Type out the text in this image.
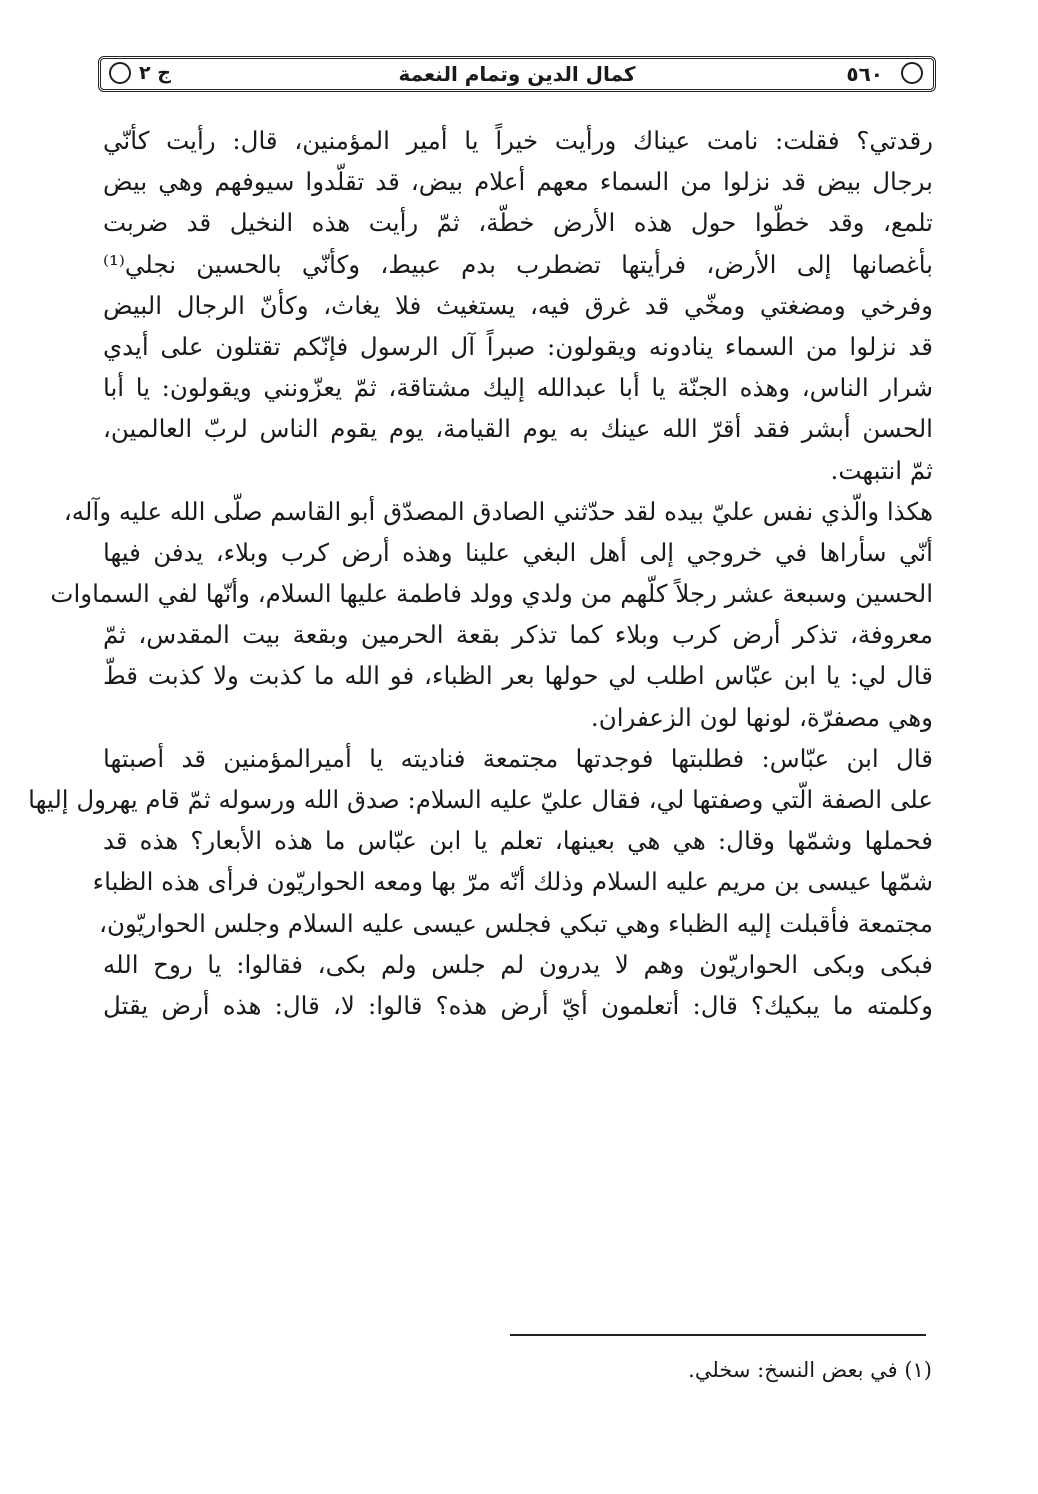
٥٦٠
كمال الدين وتمام النعمة
ج ٢
رقدتي؟ فقلت: نامت عيناك ورأيت خيراً يا أمير المؤمنين، قال: رأيت كأنّي
برجال بيض قد نزلوا من السماء معهم أعلام بيض، قد تقلّدوا سيوفهم وهي بيض
تلمع، وقد خطّوا حول هذه الأرض خطّة، ثمّ رأيت هذه النخيل قد ضربت
بأغصانها إلى الأرض، فرأيتها تضطرب بدم عبيط، وكأنّي بالحسين نجلي⁽¹⁾
وفرخي ومضغتي ومخّي قد غرق فيه، يستغيث فلا يغاث، وكأنّ الرجال البيض
قد نزلوا من السماء ينادونه ويقولون: صبراً آل الرسول فإنّكم تقتلون على أيدي
شرار الناس، وهذه الجنّة يا أبا عبدالله إليك مشتاقة، ثمّ يعزّونني ويقولون: يا أبا
الحسن أبشر فقد أقرّ الله عينك به يوم القيامة، يوم يقوم الناس لربّ العالمين،
ثمّ انتبهت.
هكذا والّذي نفس عليّ بيده لقد حدّثني الصادق المصدّق أبو القاسم صلّى الله عليه وآله،
أنّي سأراها في خروجي إلى أهل البغي علينا وهذه أرض كرب وبلاء، يدفن فيها
الحسين وسبعة عشر رجلاً كلّهم من ولدي وولد فاطمة عليها السلام، وأنّها لفي السماوات
معروفة، تذكر أرض كرب وبلاء كما تذكر بقعة الحرمين وبقعة بيت المقدس، ثمّ
قال لي: يا ابن عبّاس اطلب لي حولها بعر الظباء، فو الله ما كذبت ولا كذبت قطّ
وهي مصفرّة، لونها لون الزعفران.
قال ابن عبّاس: فطلبتها فوجدتها مجتمعة فناديته يا أميرالمؤمنين قد أصبتها
على الصفة الّتي وصفتها لي، فقال عليّ عليه السلام: صدق الله ورسوله ثمّ قام يهرول إليها
فحملها وشمّها وقال: هي هي بعينها، تعلم يا ابن عبّاس ما هذه الأبعار؟ هذه قد
شمّها عيسى بن مريم عليه السلام وذلك أنّه مرّ بها ومعه الحواريّون فرأى هذه الظباء
مجتمعة فأقبلت إليه الظباء وهي تبكي فجلس عيسى عليه السلام وجلس الحواريّون،
فبكى وبكى الحواريّون وهم لا يدرون لم جلس ولم بكى، فقالوا: يا روح الله
وكلمته ما يبكيك؟ قال: أتعلمون أيّ أرض هذه؟ قالوا: لا، قال: هذه أرض يقتل
(١) في بعض النسخ: سخلي.
